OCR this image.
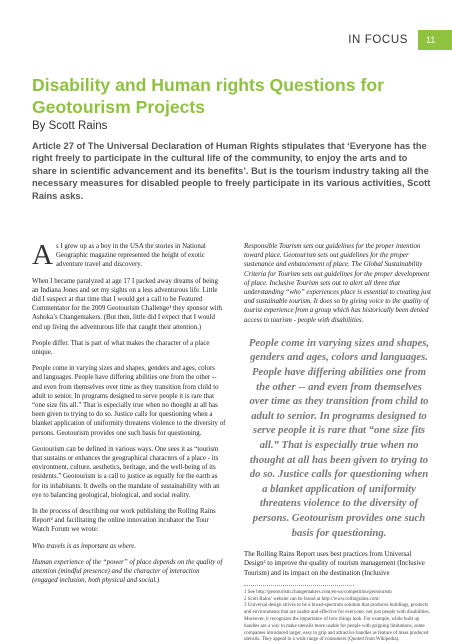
IN FOCUS	11
Disability and Human rights Questions for Geotourism Projects
By Scott Rains

Article 27 of The Universal Declaration of Human Rights stipulates that ‘Everyone has the right freely to participate in the cultural life of the community, to enjoy the arts and to share in scientific advancement and its benefits’. But is the tourism industry taking all the necessary measures for disabled people to freely participate in its various activities, Scott Rains asks.

As I grew up as a boy in the USA the stories in National Geographic magazine represented the height of exotic adventure travel and discovery.

When I became paralyzed at age 17 I packed away dreams of being an Indiana Jones and set my sights on a less adventurous life. Little did I suspect at that time that I would get a call to be Featured Commentator for the 2009 Geotourism Challenge¹ they sponsor with Ashoka’s Changemakers. (But then, little did I expect that I would end up living the adventurous life that caught their attention.)

People differ. That is part of what makes the character of a place unique.

People come in varying sizes and shapes, genders and ages, colors and languages. People have differing abilities one from the other -- and even from themselves over time as they transition from child to adult to senior. In programs designed to serve people it is rare that “one size fits all.” That is especially true when no thought at all has been given to trying to do so. Justice calls for questioning when a blanket application of uniformity threatens violence to the diversity of persons. Geotourism provides one such basis for questioning.

Geotourism can be defined in various ways. One sees it as “tourism that sustains or enhances the geographical characters of a place - its environment, culture, aesthetics, heritage, and the well-being of its residents.” Geotourism is a call to justice as equally for the earth as for its inhabitants. It dwells on the mandate of sustainability with an eye to balancing geological, biological, and social reality.

In the process of describing our work publishing the Rolling Rains Report² and facilitating the online innovation incubator the Tour Watch Forum we wrote:

Who travels is as important as where.

Human experience of the “power” of place depends on the quality of attention (mindful presence) and the character of interaction (engaged inclusion, both physical and social.)

Responsible Tourism sets out guidelines for the proper intention toward place. Geotourism sets out guidelines for the proper sustenance and enhancement of place. The Global Sustainability Criteria for Tourism sets out guidelines for the proper development of place. Inclusive Tourism sets out to alert all three that understanding “who” experiences place is essential to creating just and sustainable tourism. It does so by giving voice to the quality of tourist experience from a group which has historically been denied access to tourism - people with disabilities.

People come in varying sizes and shapes, genders and ages, colors and languages. People have differing abilities one from the other -- and even from themselves over time as they transition from child to adult to senior. In programs designed to serve people it is rare that “one size fits all.” That is especially true when no thought at all has been given to trying to do so. Justice calls for questioning when a blanket application of uniformity threatens violence to the diversity of persons. Geotourism provides one such basis for questioning.

The Rolling Rains Report uses best practices from Universal Design³ to improve the quality of tourism management (Inclusive Tourism) and its impact on the destination (Inclusive

1 See http://geotourism.changemakers.com/en-us/competition/geotourism

2 Scott Rains’ website can be found at http://www.rollingrains.com/

3 Universal design strives to be a broad-spectrum solution that produces buildings, products and environments that are usable and effective for everyone, not just people with disabilities. Moreover, it recognizes the importance of how things look. For example, while built up handles are a way to make utensils more usable for people with gripping limitations, some companies introduced larger, easy to grip and attractive handles as feature of mass produced utensils. They appeal to a wide range of consumers (Quoted from Wikipedia).
